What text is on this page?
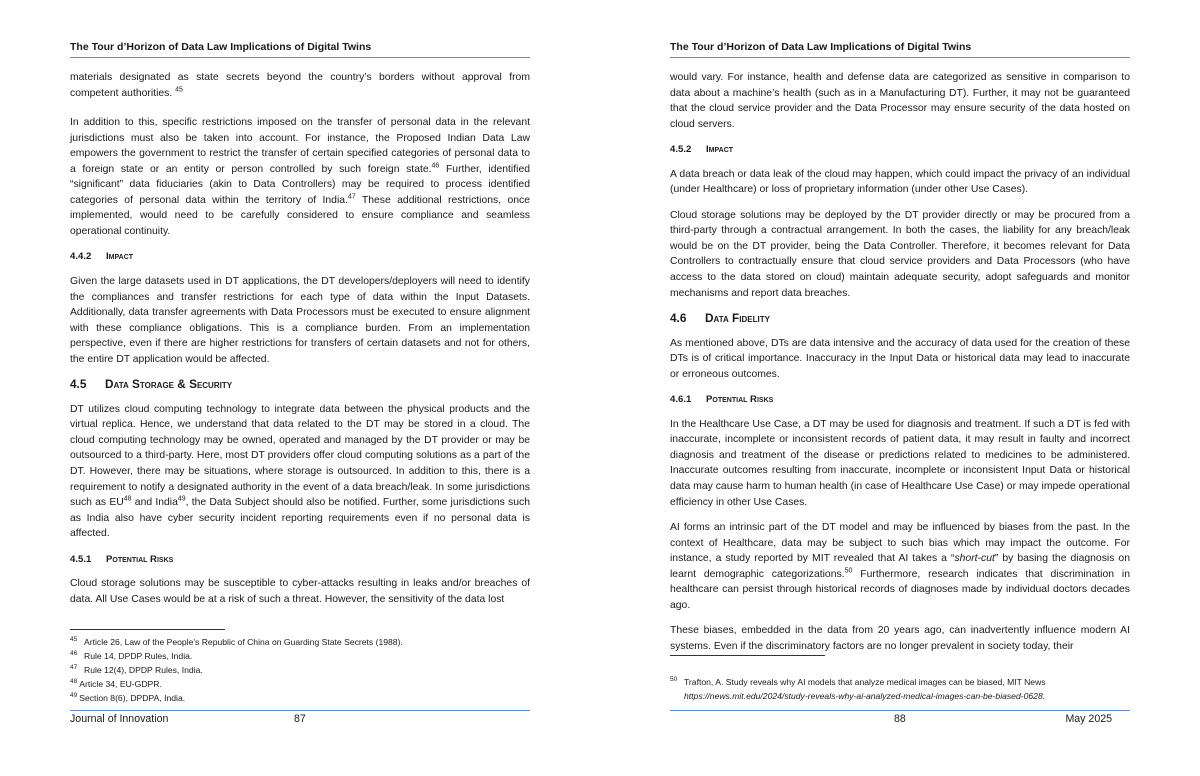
The Tour d’Horizon of Data Law Implications of Digital Twins

materials designated as state secrets beyond the country’s borders without approval from competent authorities. $^{45}$

In addition to this, specific restrictions imposed on the transfer of personal data in the relevant jurisdictions must also be taken into account. For instance, the Proposed Indian Data Law empowers the government to restrict the transfer of certain specified categories of personal data to a foreign state or an entity or person controlled by such foreign state.$^{46}$ Further, identified “significant” data fiduciaries (akin to Data Controllers) may be required to process identified categories of personal data within the territory of India.$^{47}$ These additional restrictions, once implemented, would need to be carefully considered to ensure compliance and seamless operational continuity.

4.4.2 Impact

Given the large datasets used in DT applications, the DT developers/deployers will need to identify the compliances and transfer restrictions for each type of data within the Input Datasets. Additionally, data transfer agreements with Data Processors must be executed to ensure alignment with these compliance obligations. This is a compliance burden. From an implementation perspective, even if there are higher restrictions for transfers of certain datasets and not for others, the entire DT application would be affected.

4.5 Data Storage & Security

DT utilizes cloud computing technology to integrate data between the physical products and the virtual replica. Hence, we understand that data related to the DT may be stored in a cloud. The cloud computing technology may be owned, operated and managed by the DT provider or may be outsourced to a third-party. Here, most DT providers offer cloud computing solutions as a part of the DT. However, there may be situations, where storage is outsourced. In addition to this, there is a requirement to notify a designated authority in the event of a data breach/leak. In some jurisdictions such as EU$^{48}$ and India$^{49}$, the Data Subject should also be notified. Further, some jurisdictions such as India also have cyber security incident reporting requirements even if no personal data is affected.

4.5.1 Potential Risks

Cloud storage solutions may be susceptible to cyber-attacks resulting in leaks and/or breaches of data. All Use Cases would be at a risk of such a threat. However, the sensitivity of the data lost

45 Article 26, Law of the People's Republic of China on Guarding State Secrets (1988).
46 Rule 14, DPDP Rules, India.
47 Rule 12(4), DPDP Rules, India.
$^{48}$ Article 34, EU-GDPR.
$^{49}$ Section 8(6), DPDPA, India.
Journal of Innovation	87
The Tour d’Horizon of Data Law Implications of Digital Twins

would vary. For instance, health and defense data are categorized as sensitive in comparison to data about a machine’s health (such as in a Manufacturing DT). Further, it may not be guaranteed that the cloud service provider and the Data Processor may ensure security of the data hosted on cloud servers.

4.5.2 Impact

A data breach or data leak of the cloud may happen, which could impact the privacy of an individual (under Healthcare) or loss of proprietary information (under other Use Cases).

Cloud storage solutions may be deployed by the DT provider directly or may be procured from a third-party through a contractual arrangement. In both the cases, the liability for any breach/leak would be on the DT provider, being the Data Controller. Therefore, it becomes relevant for Data Controllers to contractually ensure that cloud service providers and Data Processors (who have access to the data stored on cloud) maintain adequate security, adopt safeguards and monitor mechanisms and report data breaches.

4.6 Data Fidelity

As mentioned above, DTs are data intensive and the accuracy of data used for the creation of these DTs is of critical importance. Inaccuracy in the Input Data or historical data may lead to inaccurate or erroneous outcomes.

4.6.1 Potential Risks

In the Healthcare Use Case, a DT may be used for diagnosis and treatment. If such a DT is fed with inaccurate, incomplete or inconsistent records of patient data, it may result in faulty and incorrect diagnosis and treatment of the disease or predictions related to medicines to be administered. Inaccurate outcomes resulting from inaccurate, incomplete or inconsistent Input Data or historical data may cause harm to human health (in case of Healthcare Use Case) or may impede operational efficiency in other Use Cases.

AI forms an intrinsic part of the DT model and may be influenced by biases from the past. In the context of Healthcare, data may be subject to such bias which may impact the outcome. For instance, a study reported by MIT revealed that AI takes a “short-cut” by basing the diagnosis on learnt demographic categorizations.$^{50}$ Furthermore, research indicates that discrimination in healthcare can persist through historical records of diagnoses made by individual doctors decades ago.

These biases, embedded in the data from 20 years ago, can inadvertently influence modern AI systems. Even if the discriminatory factors are no longer prevalent in society today, their

50 Trafton, A. Study reveals why AI models that analyze medical images can be biased, MIT News
https://news.mit.edu/2024/study-reveals-why-ai-analyzed-medical-images-can-be-biased-0628.
88	May 2025
